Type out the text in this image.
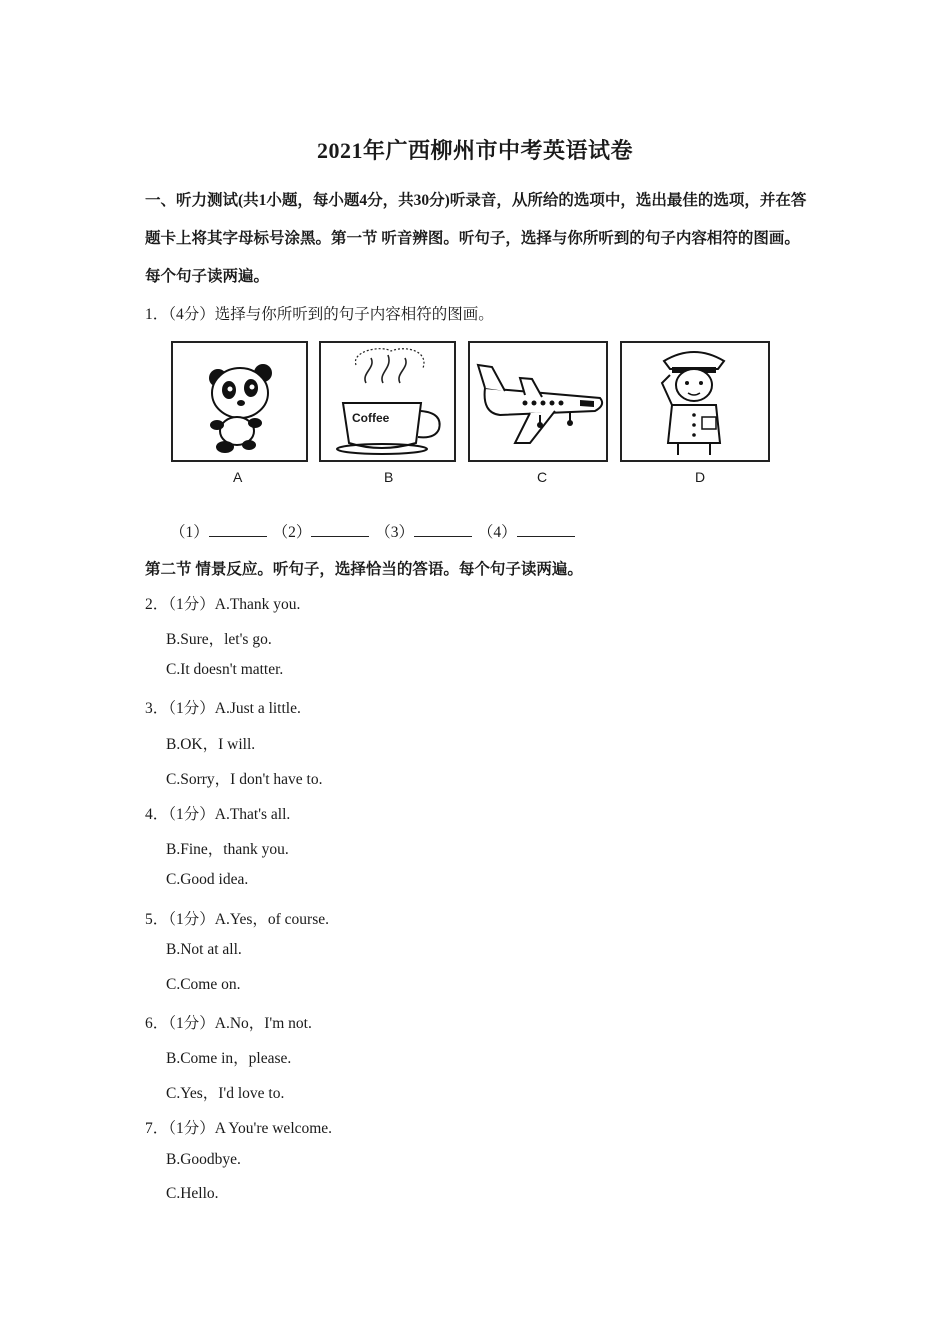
2021年广西柳州市中考英语试卷
一、听力测试(共1小题，每小题4分，共30分)听录音，从所给的选项中，选出最佳的选项，并在答题卡上将其字母标号涂黑。第一节 听音辨图。听句子，选择与你所听到的句子内容相符的图画。每个句子读两遍。
1．（4分）选择与你所听到的句子内容相符的图画。
A
Coffee
B	C	D
（1）	（2）	（3）	（4）
第二节 情景反应。听句子，选择恰当的答语。每个句子读两遍。
2．（1分）A.Thank you.
B.Sure，let's go.
C.It doesn't matter.
3．（1分）A.Just a little.
B.OK，I will.
C.Sorry，I don't have to.
4．（1分）A.That's all.
B.Fine，thank you.
C.Good idea.
5．（1分）A.Yes，of course.
B.Not at all.
C.Come on.
6．（1分）A.No，I'm not.
B.Come in，please.
C.Yes，I'd love to.
7．（1分）A You're welcome.
B.Goodbye.
C.Hello.
